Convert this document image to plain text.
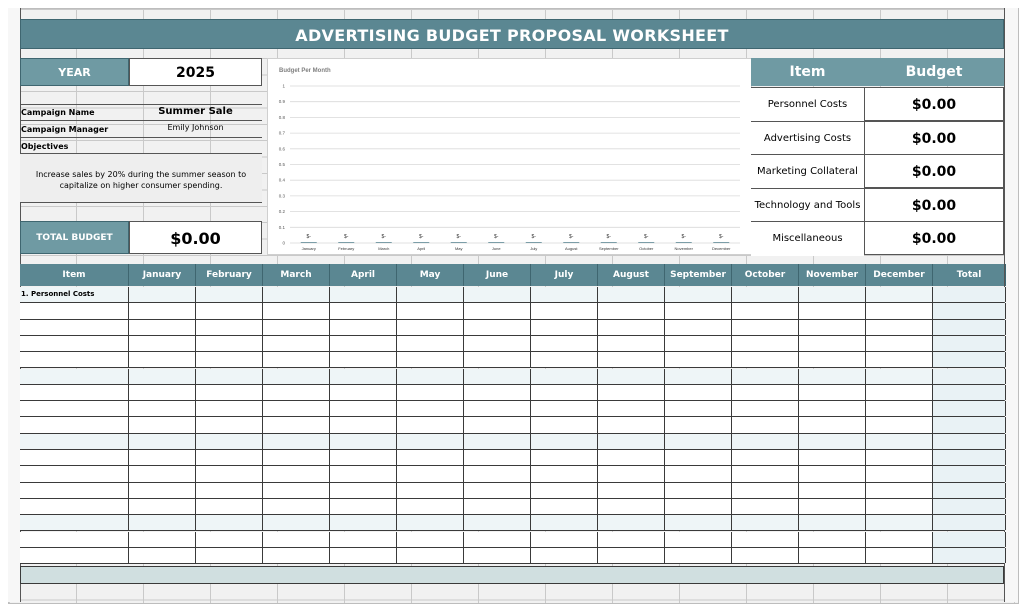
ADVERTISING BUDGET PROPOSAL WORKSHEET
YEAR	2025
Campaign Name	Summer Sale
Campaign Manager	Emily Johnson
Objectives
Increase sales by 20% during the summer season to capitalize on higher consumer spending.
TOTAL BUDGET	$0.00
Budget Per Month
0
0.1
0.2
0.3
0.4
0.5
0.6
0.7
0.8
0.9
1
$-
January
$-
February
$-
March
$-
April
$-
May
$-
June
$-
July
$-
August
$-
September
$-
October
$-
November
$-
December
Item	Budget
Personnel Costs	$0.00
Advertising Costs	$0.00
Marketing Collateral	$0.00
Technology and Tools	$0.00
Miscellaneous	$0.00
Item	January	February	March	April	May	June	July	August	September	October	November	December	Total
1. Personnel Costs
